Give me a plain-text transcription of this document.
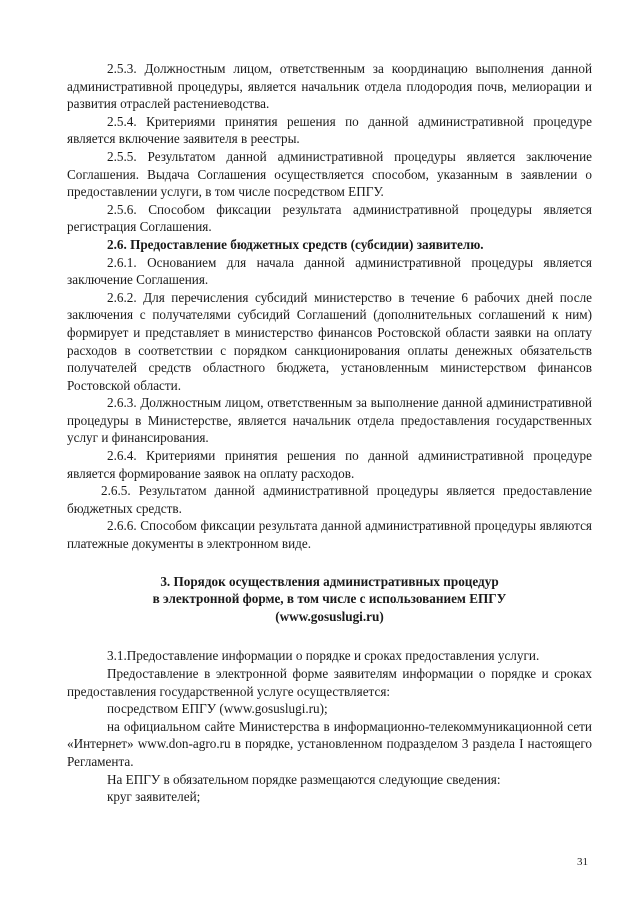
2.5.3. Должностным лицом, ответственным за координацию выполнения данной административной процедуры, является начальник отдела плодородия почв, мелиорации и развития отраслей растениеводства.

2.5.4. Критериями принятия решения по данной административной процедуре является включение заявителя в реестры.

2.5.5. Результатом данной административной процедуры является заключение Соглашения. Выдача Соглашения осуществляется способом, указанным в заявлении о предоставлении услуги, в том числе посредством ЕПГУ.

2.5.6. Способом фиксации результата административной процедуры является регистрация Соглашения.

2.6. Предоставление бюджетных средств (субсидии) заявителю.

2.6.1. Основанием для начала данной административной процедуры является заключение Соглашения.

2.6.2. Для перечисления субсидий министерство в течение 6 рабочих дней после заключения с получателями субсидий Соглашений (дополнительных соглашений к ним) формирует и представляет в министерство финансов Ростовской области заявки на оплату расходов в соответствии с порядком санкционирования оплаты денежных обязательств получателей средств областного бюджета, установленным министерством финансов Ростовской области.

2.6.3. Должностным лицом, ответственным за выполнение данной административной процедуры в Министерстве, является начальник отдела предоставления государственных услуг и финансирования.

2.6.4. Критериями принятия решения по данной административной процедуре является формирование заявок на оплату расходов.

2.6.5. Результатом данной административной процедуры является предоставление бюджетных средств.

2.6.6. Способом фиксации результата данной административной процедуры являются платежные документы в электронном виде.

3. Порядок осуществления административных процедур
в электронной форме, в том числе с использованием ЕПГУ
(www.gosuslugi.ru)

3.1.Предоставление информации о порядке и сроках предоставления услуги.

Предоставление в электронной форме заявителям информации о порядке и сроках предоставления государственной услуге осуществляется:

посредством ЕПГУ (www.gosuslugi.ru);

на официальном сайте Министерства в информационно-телекоммуникационной сети «Интернет» www.don-agro.ru в порядке, установленном подразделом 3 раздела I настоящего Регламента.

На ЕПГУ в обязательном порядке размещаются следующие сведения:

круг заявителей;

31
